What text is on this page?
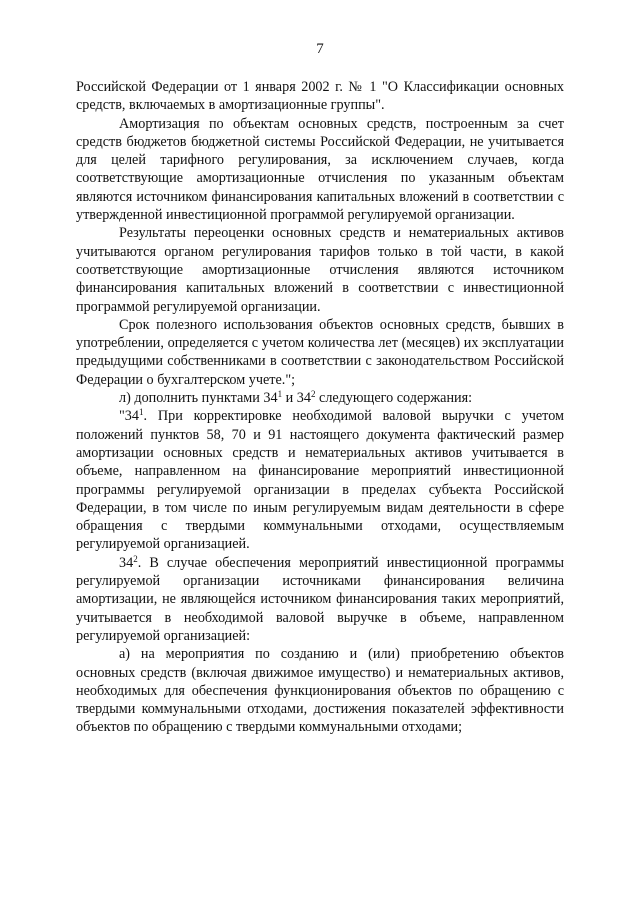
7

Российской Федерации от 1 января 2002 г. № 1 "О Классификации основных средств, включаемых в амортизационные группы".

Амортизация по объектам основных средств, построенным за счет средств бюджетов бюджетной системы Российской Федерации, не учитывается для целей тарифного регулирования, за исключением случаев, когда соответствующие амортизационные отчисления по указанным объектам являются источником финансирования капитальных вложений в соответствии с утвержденной инвестиционной программой регулируемой организации.

Результаты переоценки основных средств и нематериальных активов учитываются органом регулирования тарифов только в той части, в какой соответствующие амортизационные отчисления являются источником финансирования капитальных вложений в соответствии с инвестиционной программой регулируемой организации.

Срок полезного использования объектов основных средств, бывших в употреблении, определяется с учетом количества лет (месяцев) их эксплуатации предыдущими собственниками в соответствии с законодательством Российской Федерации о бухгалтерском учете.";

л) дополнить пунктами $34^1$ и $34^2$ следующего содержания:

"$34^1$. При корректировке необходимой валовой выручки с учетом положений пунктов 58, 70 и 91 настоящего документа фактический размер амортизации основных средств и нематериальных активов учитывается в объеме, направленном на финансирование мероприятий инвестиционной программы регулируемой организации в пределах субъекта Российской Федерации, в том числе по иным регулируемым видам деятельности в сфере обращения с твердыми коммунальными отходами, осуществляемым регулируемой организацией.

$34^2$. В случае обеспечения мероприятий инвестиционной программы регулируемой организации источниками финансирования величина амортизации, не являющейся источником финансирования таких мероприятий, учитывается в необходимой валовой выручке в объеме, направленном регулируемой организацией:

а) на мероприятия по созданию и (или) приобретению объектов основных средств (включая движимое имущество) и нематериальных активов, необходимых для обеспечения функционирования объектов по обращению с твердыми коммунальными отходами, достижения показателей эффективности объектов по обращению с твердыми коммунальными отходами;
